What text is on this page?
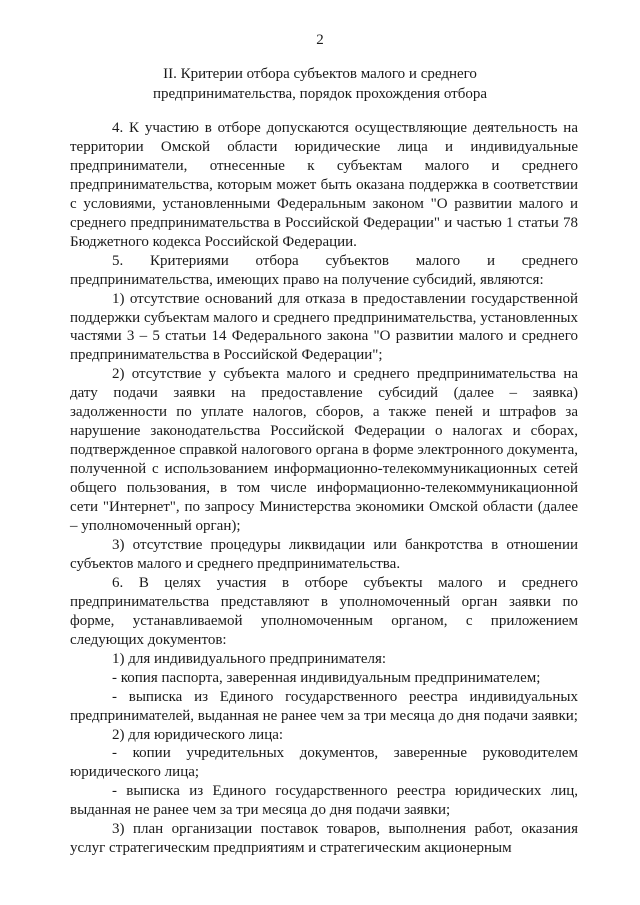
2
II. Критерии отбора субъектов малого и среднего
предпринимательства, порядок прохождения отбора

4. К участию в отборе допускаются осуществляющие деятельность на территории Омской области юридические лица и индивидуальные предприниматели, отнесенные к субъектам малого и среднего предпринимательства, которым может быть оказана поддержка в соответствии с условиями, установленными Федеральным законом "О развитии малого и среднего предпринимательства в Российской Федерации" и частью 1 статьи 78 Бюджетного кодекса Российской Федерации.

5. Критериями отбора субъектов малого и среднего предпринимательства, имеющих право на получение субсидий, являются:

1) отсутствие оснований для отказа в предоставлении государственной поддержки субъектам малого и среднего предпринимательства, установленных частями 3 – 5 статьи 14 Федерального закона "О развитии малого и среднего предпринимательства в Российской Федерации";

2) отсутствие у субъекта малого и среднего предпринимательства на дату подачи заявки на предоставление субсидий (далее – заявка) задолженности по уплате налогов, сборов, а также пеней и штрафов за нарушение законодательства Российской Федерации о налогах и сборах, подтвержденное справкой налогового органа в форме электронного документа, полученной с использованием информационно-телекоммуникационных сетей общего пользования, в том числе информационно-телекоммуникационной сети "Интернет", по запросу Министерства экономики Омской области (далее – уполномоченный орган);

3) отсутствие процедуры ликвидации или банкротства в отношении субъектов малого и среднего предпринимательства.

6. В целях участия в отборе субъекты малого и среднего предпринимательства представляют в уполномоченный орган заявки по форме, устанавливаемой уполномоченным органом, с приложением следующих документов:

1) для индивидуального предпринимателя:

- копия паспорта, заверенная индивидуальным предпринимателем;

- выписка из Единого государственного реестра индивидуальных предпринимателей, выданная не ранее чем за три месяца до дня подачи заявки;

2) для юридического лица:

- копии учредительных документов, заверенные руководителем юридического лица;

- выписка из Единого государственного реестра юридических лиц, выданная не ранее чем за три месяца до дня подачи заявки;

3) план организации поставок товаров, выполнения работ, оказания услуг стратегическим предприятиям и стратегическим акционерным
